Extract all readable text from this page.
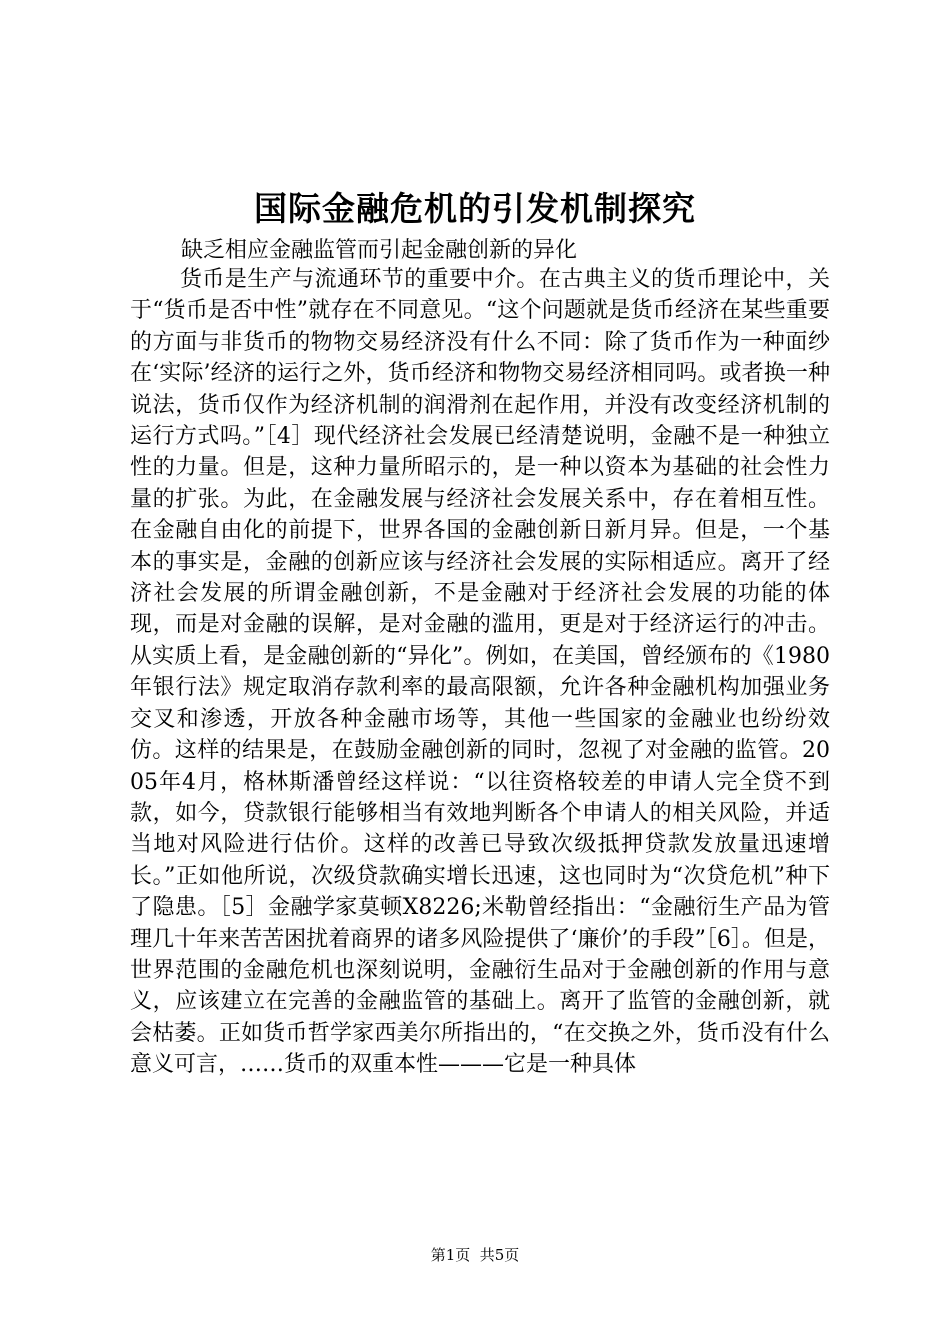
国际金融危机的引发机制探究

缺乏相应金融监管而引起金融创新的异化

货币是生产与流通环节的重要中介。在古典主义的货币理论中，关于“货币是否中性”就存在不同意见。“这个问题就是货币经济在某些重要的方面与非货币的物物交易经济没有什么不同：除了货币作为一种面纱在‘实际’经济的运行之外，货币经济和物物交易经济相同吗。或者换一种说法，货币仅作为经济机制的润滑剂在起作用，并没有改变经济机制的运行方式吗。”［4］现代经济社会发展已经清楚说明，金融不是一种独立性的力量。但是，这种力量所昭示的，是一种以资本为基础的社会性力量的扩张。为此，在金融发展与经济社会发展关系中，存在着相互性。在金融自由化的前提下，世界各国的金融创新日新月异。但是，一个基本的事实是，金融的创新应该与经济社会发展的实际相适应。离开了经济社会发展的所谓金融创新，不是金融对于经济社会发展的功能的体现，而是对金融的误解，是对金融的滥用，更是对于经济运行的冲击。从实质上看，是金融创新的“异化”。例如，在美国，曾经颁布的《1980年银行法》规定取消存款利率的最高限额，允许各种金融机构加强业务交叉和渗透，开放各种金融市场等，其他一些国家的金融业也纷纷效仿。这样的结果是，在鼓励金融创新的同时，忽视了对金融的监管。2005年4月，格林斯潘曾经这样说：“以往资格较差的申请人完全贷不到款，如今，贷款银行能够相当有效地判断各个申请人的相关风险，并适当地对风险进行估价。这样的改善已导致次级抵押贷款发放量迅速增长。”正如他所说，次级贷款确实增长迅速，这也同时为“次贷危机”种下了隐患。［5］金融学家莫顿X8226;米勒曾经指出：“金融衍生产品为管理几十年来苦苦困扰着商界的诸多风险提供了‘廉价’的手段”［6］。但是，世界范围的金融危机也深刻说明，金融衍生品对于金融创新的作用与意义，应该建立在完善的金融监管的基础上。离开了监管的金融创新，就会枯萎。正如货币哲学家西美尔所指出的，“在交换之外，货币没有什么意义可言，……货币的双重本性———它是一种具体

第1页  共5页
